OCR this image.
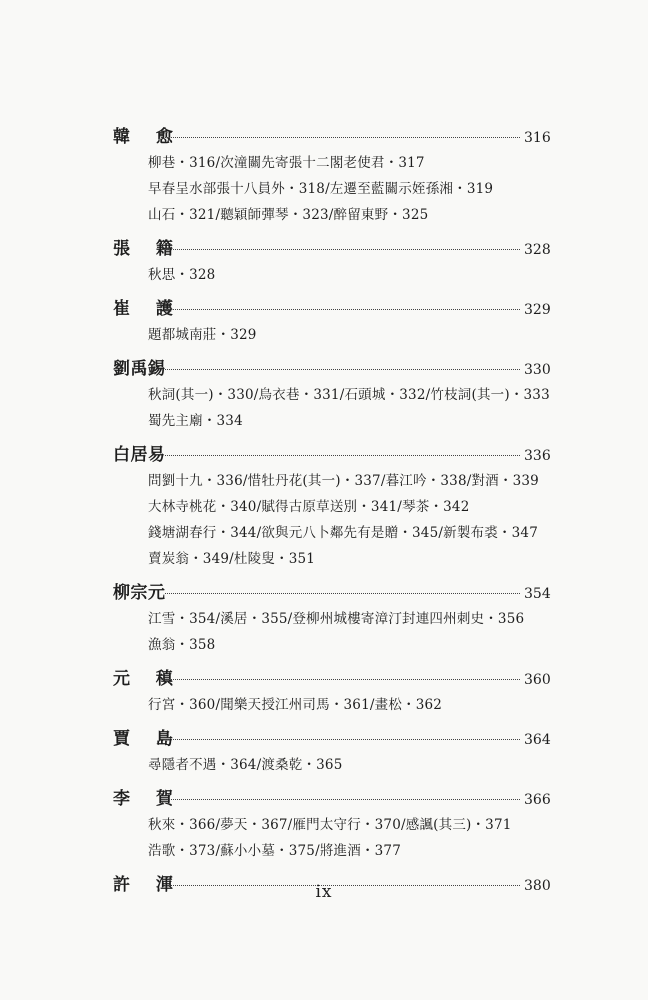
韓 愈	316
柳巷・316/次潼關先寄張十二閣老使君・317
早春呈水部張十八員外・318/左遷至藍關示姪孫湘・319
山石・321/聽穎師彈琴・323/醉留東野・325
張 籍	328
秋思・328
崔 護	329
題都城南莊・329
劉禹錫	330
秋詞(其一)・330/烏衣巷・331/石頭城・332/竹枝詞(其一)・333
蜀先主廟・334
白居易	336
問劉十九・336/惜牡丹花(其一)・337/暮江吟・338/對酒・339
大林寺桃花・340/賦得古原草送別・341/琴茶・342
錢塘湖春行・344/欲與元八卜鄰先有是贈・345/新製布裘・347
賣炭翁・349/杜陵叟・351
柳宗元	354
江雪・354/溪居・355/登柳州城樓寄漳汀封連四州刺史・356
漁翁・358
元 稹	360
行宮・360/聞樂天授江州司馬・361/畫松・362
賈 島	364
尋隱者不遇・364/渡桑乾・365
李 賀	366
秋來・366/夢天・367/雁門太守行・370/感諷(其三)・371
浩歌・373/蘇小小墓・375/將進酒・377
許 渾	380
ix
